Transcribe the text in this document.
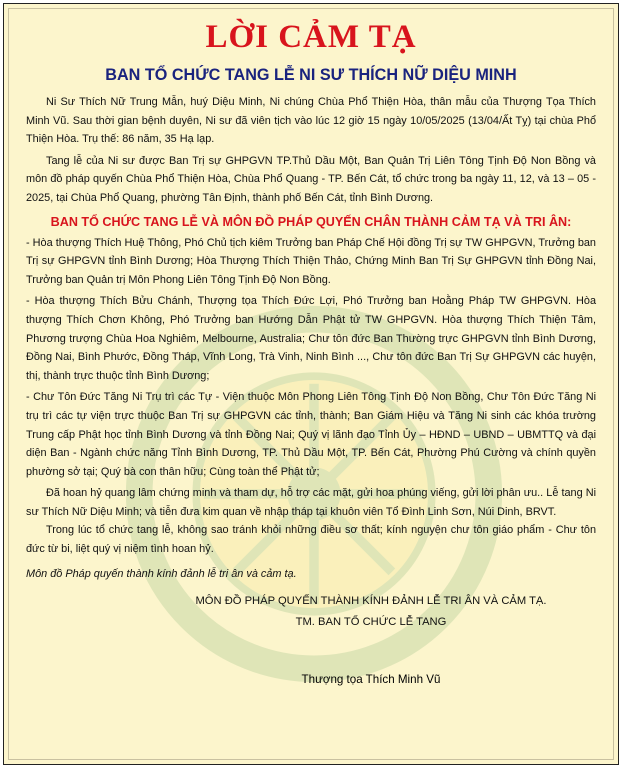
LỜI CẢM TẠ
BAN TỔ CHỨC TANG LỄ NI SƯ THÍCH NỮ DIỆU MINH

Ni Sư Thích Nữ Trung Mẫn, huý Diệu Minh, Ni chúng Chùa Phổ Thiện Hòa, thân mẫu của Thượng Tọa Thích Minh Vũ. Sau thời gian bệnh duyên, Ni sư đã viên tịch vào lúc 12 giờ 15 ngày 10/05/2025 (13/04/Ất Tỵ) tại chùa Phổ Thiện Hòa. Trụ thế: 86 năm, 35 Hạ lạp.

Tang lễ của Ni sư được Ban Trị sự GHPGVN TP.Thủ Dầu Một, Ban Quản Trị Liên Tông Tịnh Độ Non Bồng và môn đồ pháp quyến Chùa Phổ Thiện Hòa, Chùa Phổ Quang - TP. Bến Cát, tổ chức trong ba ngày 11, 12, và 13 – 05 - 2025, tại Chùa Phổ Quang, phường Tân Định, thành phố Bến Cát, tỉnh Bình Dương.

BAN TỔ CHỨC TANG LỄ VÀ MÔN ĐỒ PHÁP QUYẾN CHÂN THÀNH CẢM TẠ VÀ TRI ÂN:

- Hòa thượng Thích Huệ Thông, Phó Chủ tịch kiêm Trưởng ban Pháp Chế Hội đồng Trị sự TW GHPGVN, Trưởng ban Trị sự GHPGVN tỉnh Bình Dương; Hòa Thượng Thích Thiện Thảo, Chứng Minh Ban Trị Sự GHPGVN tỉnh Đồng Nai, Trưởng ban Quản trị Môn Phong Liên Tông Tịnh Độ Non Bồng.

- Hòa thượng Thích Bửu Chánh, Thượng tọa Thích Đức Lợi, Phó Trưởng ban Hoằng Pháp TW GHPGVN. Hòa thượng Thích Chơn Không, Phó Trưởng ban Hướng Dẫn Phật tử TW GHPGVN. Hòa thượng Thích Thiện Tâm, Phương trượng Chùa Hoa Nghiêm, Melbourne, Australia; Chư tôn đức Ban Thường trực GHPGVN tỉnh Bình Dương, Đồng Nai, Bình Phước, Đồng Tháp, Vĩnh Long, Trà Vinh, Ninh Bình ..., Chư tôn đức Ban Trị Sự GHPGVN các huyện, thị, thành trực thuộc tỉnh Bình Dương;

- Chư Tôn Đức Tăng Ni Trụ trì các Tự - Viện thuộc Môn Phong Liên Tông Tịnh Độ Non Bồng, Chư Tôn Đức Tăng Ni trụ trì các tự viện trực thuộc Ban Trị sự GHPGVN các tỉnh, thành; Ban Giám Hiệu và Tăng Ni sinh các khóa trường Trung cấp Phật học tỉnh Bình Dương và tỉnh Đồng Nai; Quý vị lãnh đạo Tỉnh Ủy – HĐND – UBND – UBMTTQ và đại diện Ban - Ngành chức năng Tỉnh Bình Dương, TP. Thủ Dầu Một, TP. Bến Cát, Phường Phú Cường và chính quyền phường sở tại; Quý bà con thân hữu; Cùng toàn thể Phật tử;

Đã hoan hỷ quang lâm chứng minh và tham dự, hỗ trợ các mặt, gửi hoa phúng viếng, gửi lời phân ưu.. Lễ tang Ni sư Thích Nữ Diệu Minh; và tiễn đưa kim quan về nhập tháp tại khuôn viên Tổ Đình Linh Sơn, Núi Dinh, BRVT.

Trong lúc tổ chức tang lễ, không sao tránh khỏi những điều sơ thất; kính nguyện chư tôn giáo phẩm - Chư tôn đức từ bi, liệt quý vị niệm tình hoan hỷ.

Môn đồ Pháp quyến thành kính đảnh lễ tri ân và cảm tạ.

MÔN ĐỒ PHÁP QUYẾN THÀNH KÍNH ĐẢNH LỄ TRI ÂN VÀ CẢM TẠ.
TM. BAN TỔ CHỨC LỄ TANG
Thượng tọa Thích Minh Vũ
